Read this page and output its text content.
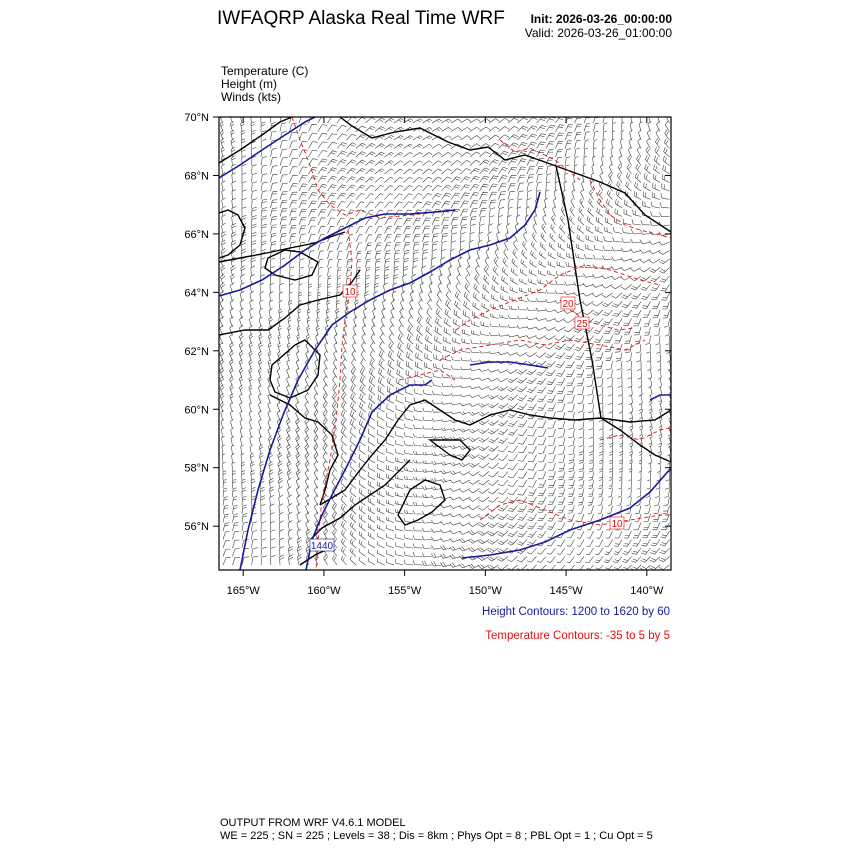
IWFAQRP Alaska Real Time WRF	Init: 2026-03-26_00:00:00
Valid: 2026-03-26_01:00:00
Temperature (C)
Height (m)
Winds (kts)
1440
10
20
25
10
165°W	160°W	155°W	150°W	145°W	140°W
70°N
68°N
66°N
64°N
62°N
60°N
58°N
56°N
Height Contours: 1200 to 1620 by 60
Temperature Contours: -35 to 5 by 5
OUTPUT FROM WRF V4.6.1 MODEL
WE = 225 ; SN = 225 ; Levels = 38 ; Dis = 8km ; Phys Opt = 8 ; PBL Opt = 1 ; Cu Opt = 5
